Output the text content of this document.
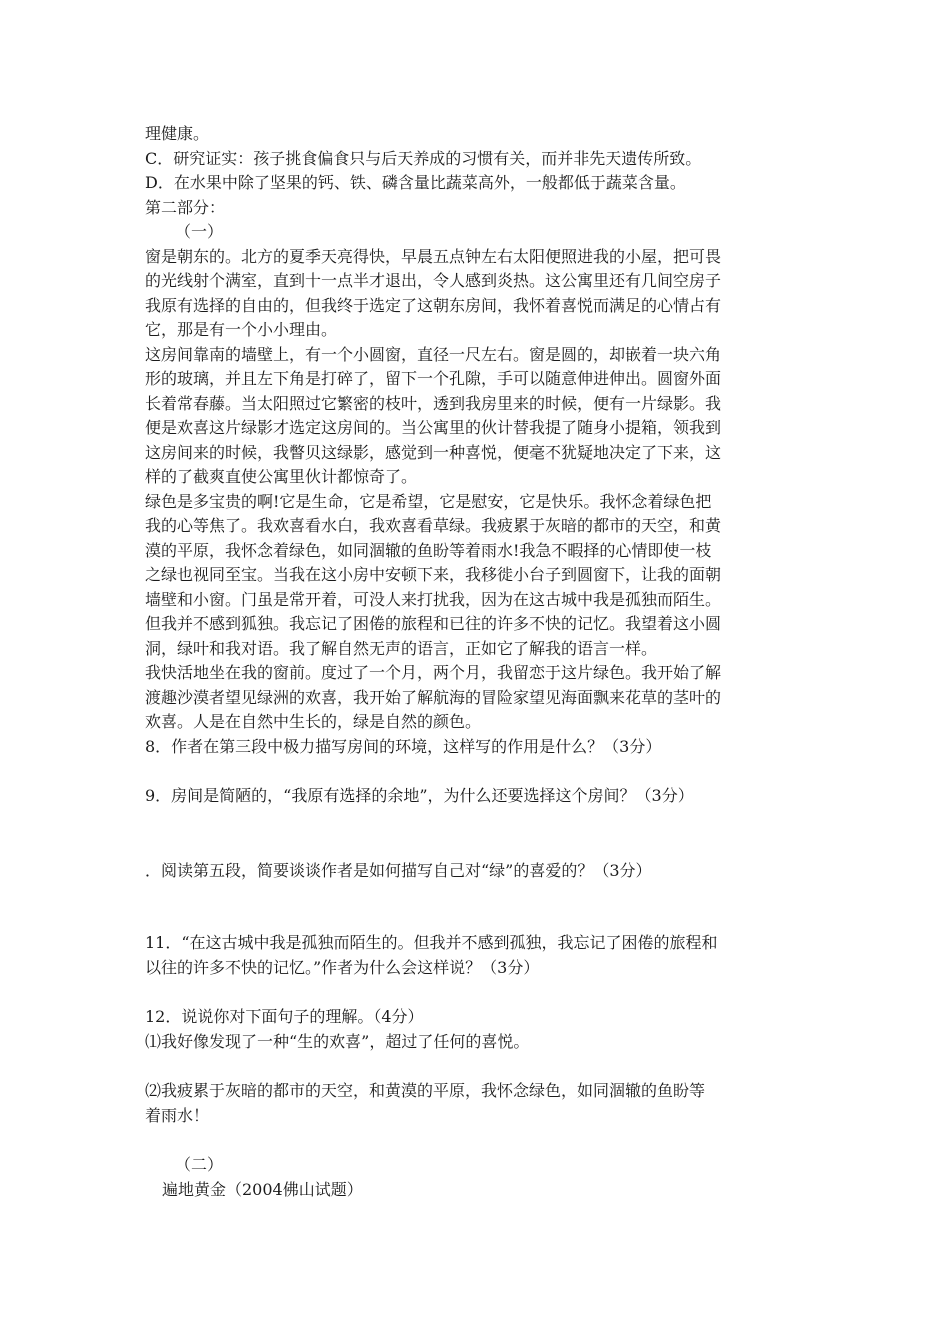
理健康。
C．研究证实：孩子挑食偏食只与后天养成的习惯有关，而并非先天遗传所致。
D．在水果中除了坚果的钙、铁、磷含量比蔬菜高外，一般都低于蔬菜含量。
第二部分：
（一）
窗是朝东的。北方的夏季天亮得快，早晨五点钟左右太阳便照进我的小屋，把可畏
的光线射个满室，直到十一点半才退出，令人感到炎热。这公寓里还有几间空房子
我原有选择的自由的，但我终于选定了这朝东房间，我怀着喜悦而满足的心情占有
它，那是有一个小小理由。
这房间靠南的墙壁上，有一个小圆窗，直径一尺左右。窗是圆的，却嵌着一块六角
形的玻璃，并且左下角是打碎了，留下一个孔隙，手可以随意伸进伸出。圆窗外面
长着常春藤。当太阳照过它繁密的枝叶，透到我房里来的时候，便有一片绿影。我
便是欢喜这片绿影才选定这房间的。当公寓里的伙计替我提了随身小提箱，领我到
这房间来的时候，我瞥贝这绿影，感觉到一种喜悦，便毫不犹疑地决定了下来，这
样的了截爽直使公寓里伙计都惊奇了。
绿色是多宝贵的啊!它是生命，它是希望，它是慰安，它是快乐。我怀念着绿色把
我的心等焦了。我欢喜看水白，我欢喜看草绿。我疲累于灰暗的都市的天空，和黄
漠的平原，我怀念着绿色，如同涸辙的鱼盼等着雨水!我急不暇择的心情即使一枝
之绿也视同至宝。当我在这小房中安顿下来，我移徙小台子到圆窗下，让我的面朝
墙壁和小窗。门虽是常开着，可没人来打扰我，因为在这古城中我是孤独而陌生。
但我并不感到狐独。我忘记了困倦的旅程和已往的许多不快的记忆。我望着这小圆
洞，绿叶和我对语。我了解自然无声的语言，正如它了解我的语言一样。
我快活地坐在我的窗前。度过了一个月，两个月，我留恋于这片绿色。我开始了解
渡趣沙漠者望见绿洲的欢喜，我开始了解航海的冒险家望见海面飘来花草的茎叶的
欢喜。人是在自然中生长的，绿是自然的颜色。
8．作者在第三段中极力描写房间的环境，这样写的作用是什么？（3分）
9．房间是简陋的，“我原有选择的余地”，为什么还要选择这个房间？（3分）
．阅读第五段，简要谈谈作者是如何描写自己对“绿”的喜爱的？（3分）
11．“在这古城中我是孤独而陌生的。但我并不感到孤独，我忘记了困倦的旅程和
以往的许多不快的记忆。”作者为什么会这样说？（3分）
12．说说你对下面句子的理解。（4分）
⑴我好像发现了一种“生的欢喜”，超过了任何的喜悦。
⑵我疲累于灰暗的都市的天空，和黄漠的平原，我怀念绿色，如同涸辙的鱼盼等
着雨水！
（二）
遍地黄金（2004佛山试题）
